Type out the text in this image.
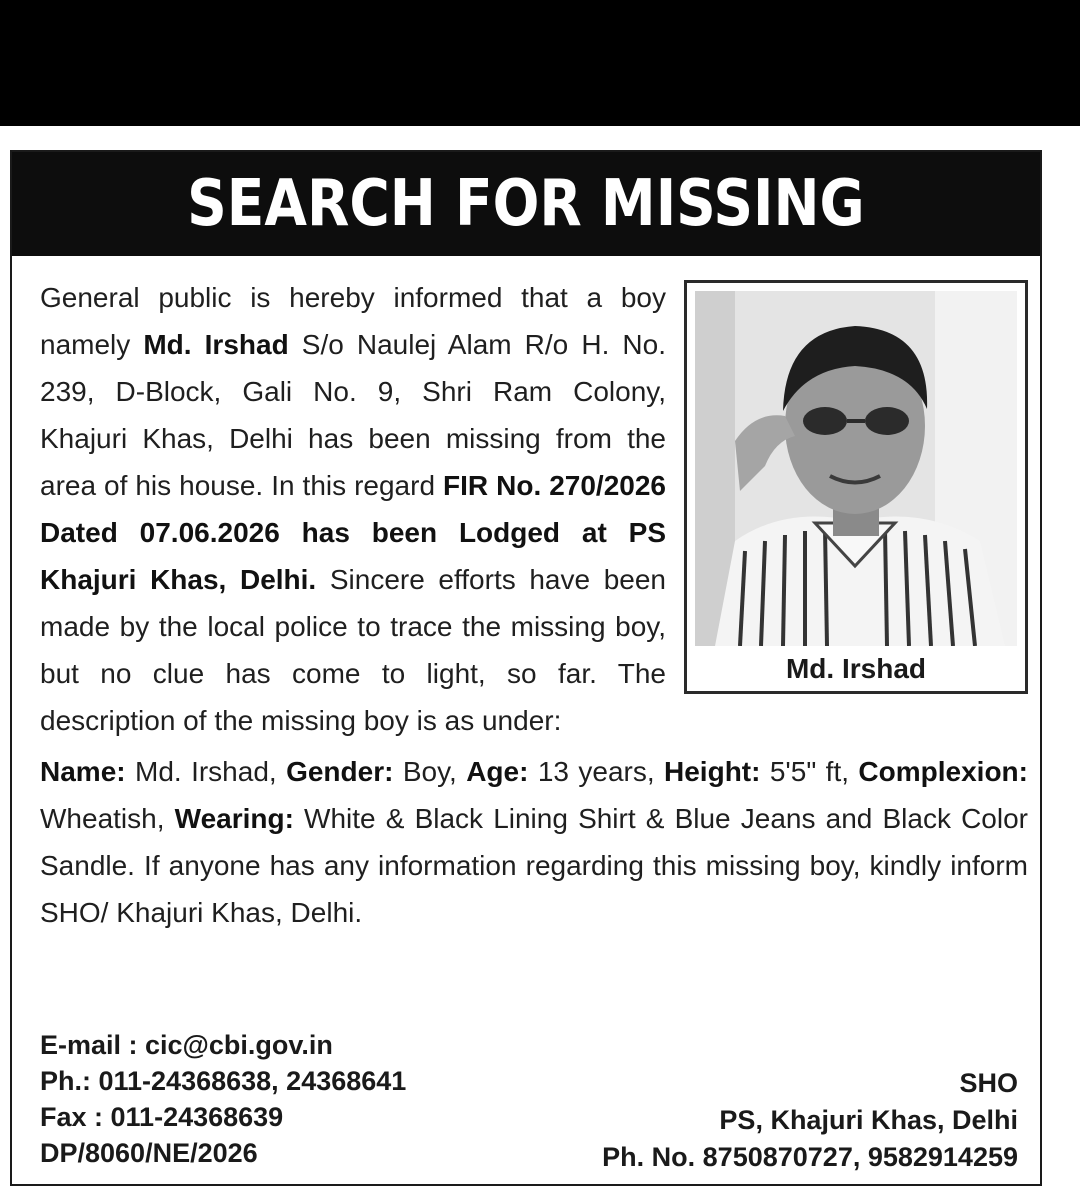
SEARCH FOR MISSING
Md. Irshad

General public is hereby informed that a boy namely Md. Irshad S/o Naulej Alam R/o H. No. 239, D-Block, Gali No. 9, Shri Ram Colony, Khajuri Khas, Delhi has been missing from the area of his house. In this regard FIR No. 270/2026 Dated 07.06.2026 has been Lodged at PS Khajuri Khas, Delhi. Sincere efforts have been made by the local police to trace the missing boy, but no clue has come to light, so far. The description of the missing boy is as under:

Name: Md. Irshad, Gender: Boy, Age: 13 years, Height: 5'5" ft, Complexion: Wheatish, Wearing: White & Black Lining Shirt & Blue Jeans and Black Color Sandle. If anyone has any information regarding this missing boy, kindly inform SHO/ Khajuri Khas, Delhi.

E-mail : cic@cbi.gov.in
Ph.: 011-24368638, 24368641
Fax : 011-24368639
DP/8060/NE/2026
SHO
PS, Khajuri Khas, Delhi
Ph. No. 8750870727, 9582914259
